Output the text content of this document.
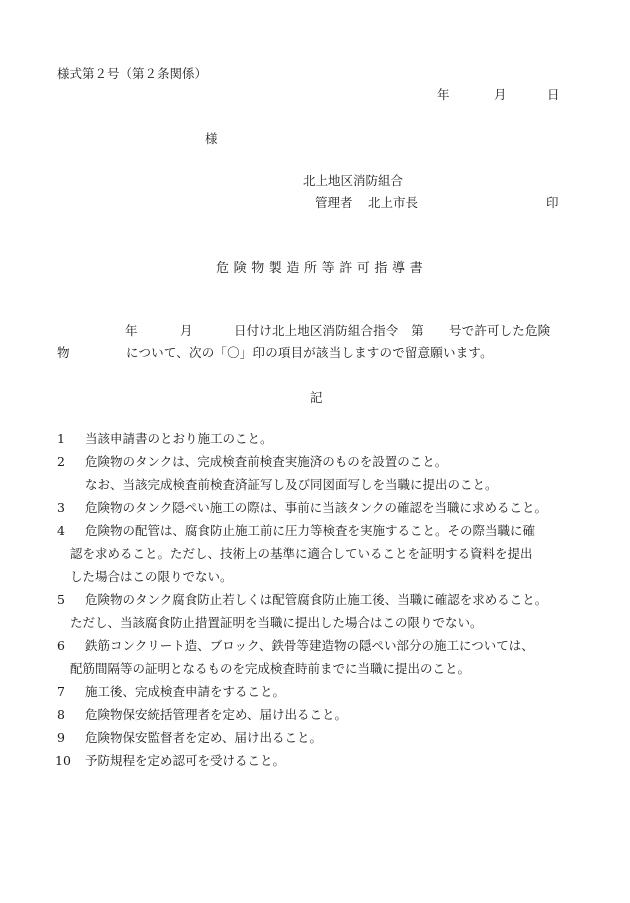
様式第２号（第２条関係）
年	月	日
様
北上地区消防組合
管理者 北上市長	印
危険物製造所等許可指導書
年	月	日付け北上地区消防組合指令　第　　号で許可した危険
物	について、次の「〇」印の項目が該当しますので留意願います。
記
1 当該申請書のとおり施工のこと。
2 危険物のタンクは、完成検査前検査実施済のものを設置のこと。
なお、当該完成検査前検査済証写し及び同図面写しを当職に提出のこと。
3 危険物のタンク隠ぺい施工の際は、事前に当該タンクの確認を当職に求めること。
4 危険物の配管は、腐食防止施工前に圧力等検査を実施すること。その際当職に確
認を求めること。ただし、技術上の基準に適合していることを証明する資料を提出
した場合はこの限りでない。
5 危険物のタンク腐食防止若しくは配管腐食防止施工後、当職に確認を求めること。
ただし、当該腐食防止措置証明を当職に提出した場合はこの限りでない。
6 鉄筋コンクリート造、ブロック、鉄骨等建造物の隠ぺい部分の施工については、
配筋間隔等の証明となるものを完成検査時前までに当職に提出のこと。
7 施工後、完成検査申請をすること。
8 危険物保安統括管理者を定め、届け出ること。
9 危険物保安監督者を定め、届け出ること。
10 予防規程を定め認可を受けること。
